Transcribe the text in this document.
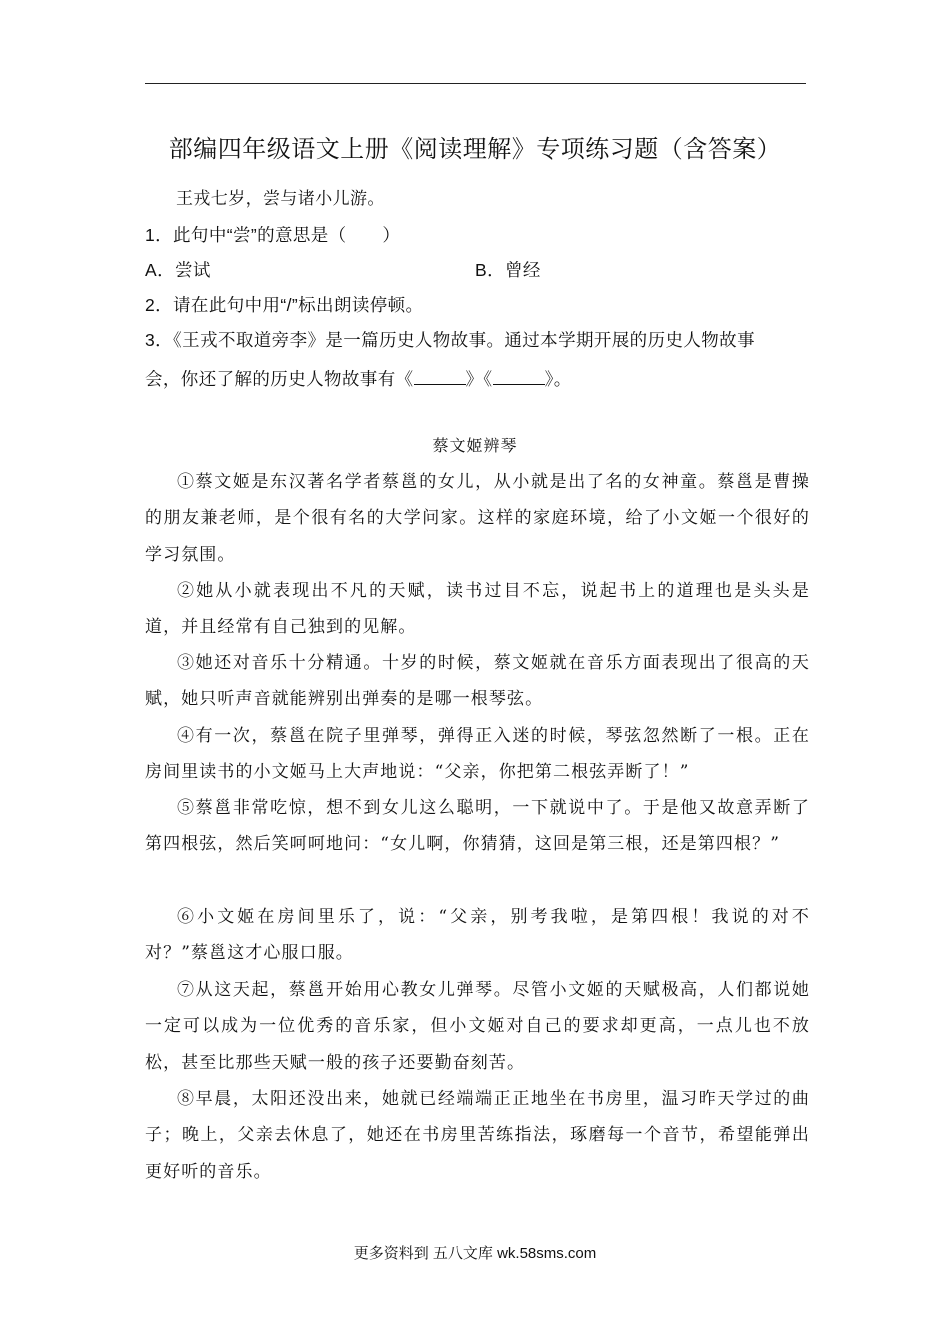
部编四年级语文上册《阅读理解》专项练习题（含答案）
王戎七岁，尝与诸小儿游。
1．此句中“尝”的意思是（　　）
A．尝试	B．曾经
2．请在此句中用“/”标出朗读停顿。
3．《王戎不取道旁李》是一篇历史人物故事。通过本学期开展的历史人物故事
会，你还了解的历史人物故事有《	》《	》。
蔡文姬辨琴

①蔡文姬是东汉著名学者蔡邕的女儿，从小就是出了名的女神童。蔡邕是曹操的朋友兼老师，是个很有名的大学问家。这样的家庭环境，给了小文姬一个很好的学习氛围。

②她从小就表现出不凡的天赋，读书过目不忘，说起书上的道理也是头头是道，并且经常有自己独到的见解。

③她还对音乐十分精通。十岁的时候，蔡文姬就在音乐方面表现出了很高的天赋，她只听声音就能辨别出弹奏的是哪一根琴弦。

④有一次，蔡邕在院子里弹琴，弹得正入迷的时候，琴弦忽然断了一根。正在房间里读书的小文姬马上大声地说：“父亲，你把第二根弦弄断了！”

⑤蔡邕非常吃惊，想不到女儿这么聪明，一下就说中了。于是他又故意弄断了第四根弦，然后笑呵呵地问：“女儿啊，你猜猜，这回是第三根，还是第四根？”

⑥小文姬在房间里乐了，说：“父亲，别考我啦，是第四根！我说的对不对？”蔡邕这才心服口服。

⑦从这天起，蔡邕开始用心教女儿弹琴。尽管小文姬的天赋极高，人们都说她一定可以成为一位优秀的音乐家，但小文姬对自己的要求却更高，一点儿也不放松，甚至比那些天赋一般的孩子还要勤奋刻苦。

⑧早晨，太阳还没出来，她就已经端端正正地坐在书房里，温习昨天学过的曲子；晚上，父亲去休息了，她还在书房里苦练指法，琢磨每一个音节，希望能弹出更好听的音乐。

更多资料到 五八文库 wk.58sms.com
